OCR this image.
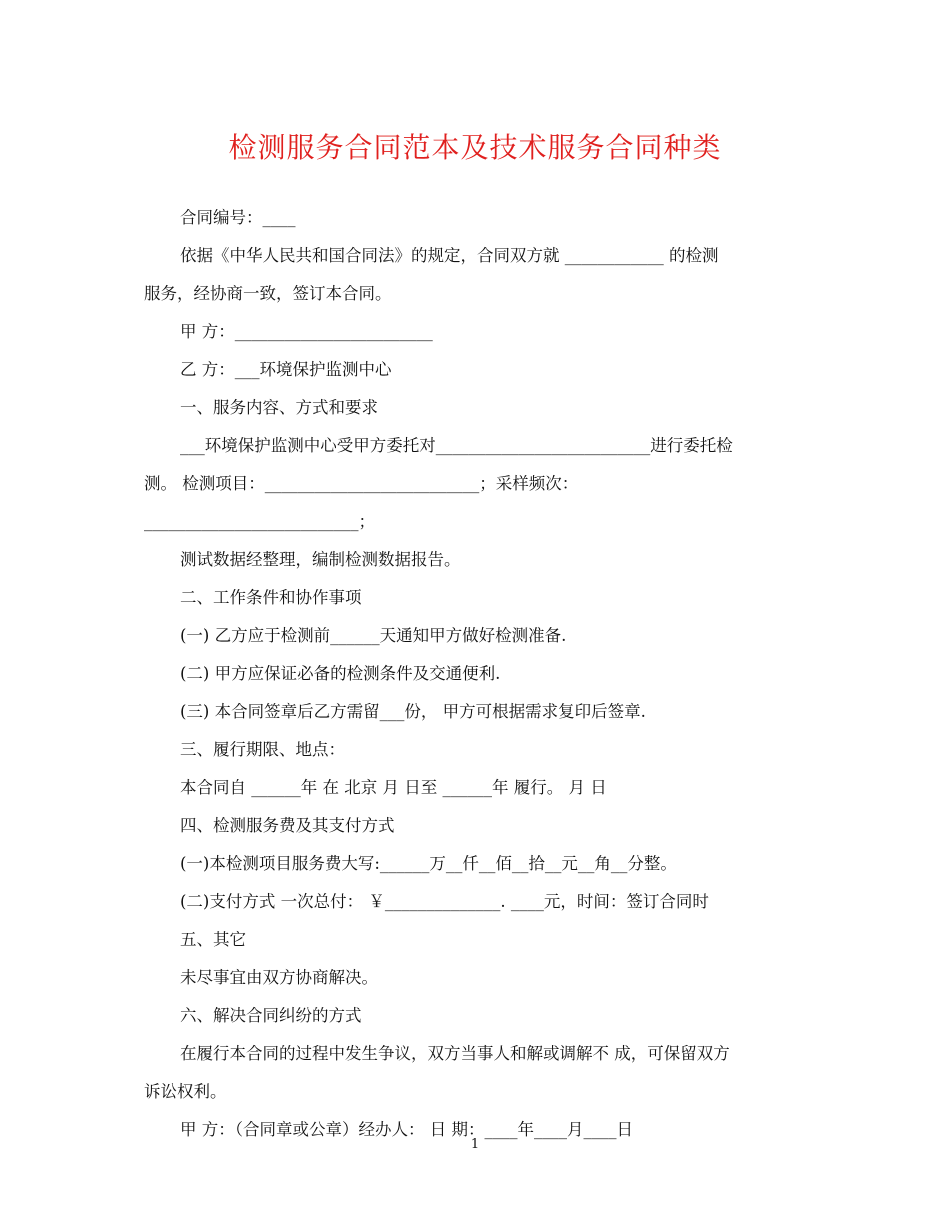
检测服务合同范本及技术服务合同种类
合同编号：____
依据《中华人民共和国合同法》的规定，合同双方就 ____________ 的检测
服务，经协商一致，签订本合同。
甲 方：________________________
乙 方：___环境保护监测中心
一、服务内容、方式和要求
___环境保护监测中心受甲方委托对__________________________进行委托检
测。 检测项目：__________________________；采样频次：
__________________________；
测试数据经整理，编制检测数据报告。
二、工作条件和协作事项
(一) 乙方应于检测前______天通知甲方做好检测准备.
(二) 甲方应保证必备的检测条件及交通便利.
(三) 本合同签章后乙方需留___份， 甲方可根据需求复印后签章.
三、履行期限、地点：
本合同自 ______年 在 北京 月 日至 ______年 履行。 月 日
四、检测服务费及其支付方式
(一)本检测项目服务费大写:______万__仟__佰__拾__元__角__分整。
(二)支付方式 一次总付： ￥______________. ____元，时间：签订合同时
五、其它
未尽事宜由双方协商解决。
六、解决合同纠纷的方式
在履行本合同的过程中发生争议，双方当事人和解或调解不 成，可保留双方
诉讼权利。
甲 方：（合同章或公章）经办人： 日 期：____年____月____日
1
